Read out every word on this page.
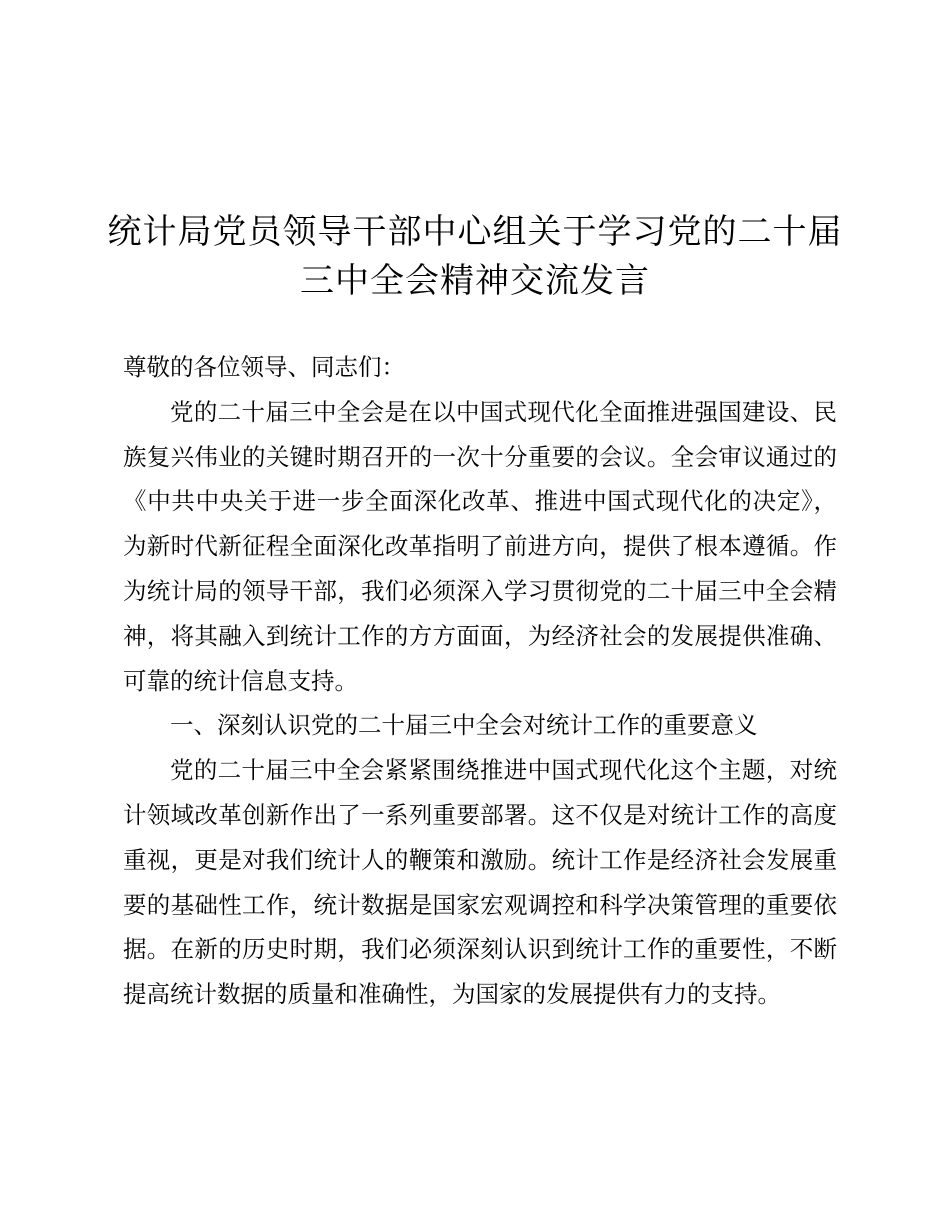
统计局党员领导干部中心组关于学习党的二十届三中全会精神交流发言

尊敬的各位领导、同志们：

党的二十届三中全会是在以中国式现代化全面推进强国建设、民族复兴伟业的关键时期召开的一次十分重要的会议。全会审议通过的《中共中央关于进一步全面深化改革、推进中国式现代化的决定》，为新时代新征程全面深化改革指明了前进方向，提供了根本遵循。作为统计局的领导干部，我们必须深入学习贯彻党的二十届三中全会精神，将其融入到统计工作的方方面面，为经济社会的发展提供准确、可靠的统计信息支持。

一、深刻认识党的二十届三中全会对统计工作的重要意义

党的二十届三中全会紧紧围绕推进中国式现代化这个主题，对统计领域改革创新作出了一系列重要部署。这不仅是对统计工作的高度重视，更是对我们统计人的鞭策和激励。统计工作是经济社会发展重要的基础性工作，统计数据是国家宏观调控和科学决策管理的重要依据。在新的历史时期，我们必须深刻认识到统计工作的重要性，不断提高统计数据的质量和准确性，为国家的发展提供有力的支持。
